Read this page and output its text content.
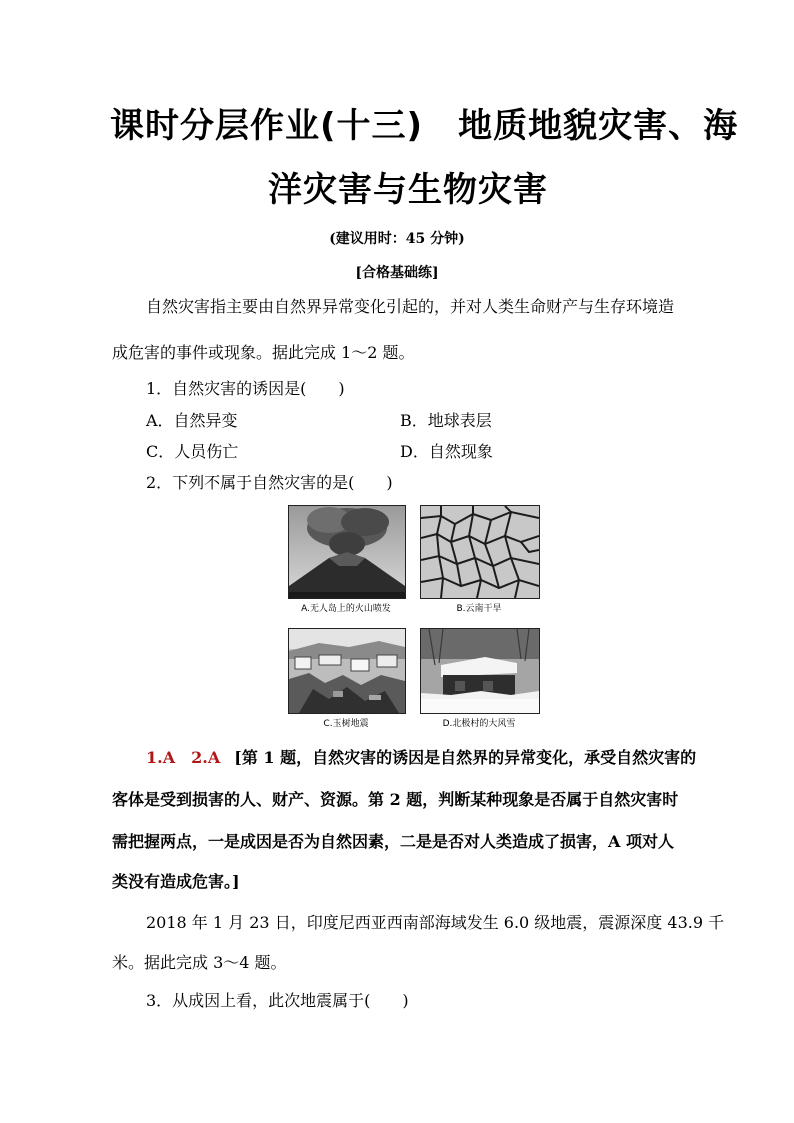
课时分层作业(十三)　地质地貌灾害、海
洋灾害与生物灾害
(建议用时：45 分钟)
[合格基础练]
自然灾害指主要由自然界异常变化引起的，并对人类生命财产与生存环境造
成危害的事件或现象。据此完成 1～2 题。
1．自然灾害的诱因是(　　)
A．自然异变	B．地球表层
C．人员伤亡	D．自然现象
2．下列不属于自然灾害的是(　　)
A.无人岛上的火山喷发	B.云南干旱
C.玉树地震	D.北极村的大风雪
1.A　2.A [第 1 题，自然灾害的诱因是自然界的异常变化，承受自然灾害的
客体是受到损害的人、财产、资源。第 2 题，判断某种现象是否属于自然灾害时
需把握两点，一是成因是否为自然因素，二是是否对人类造成了损害，A 项对人
类没有造成危害。]
2018 年 1 月 23 日，印度尼西亚西南部海域发生 6.0 级地震，震源深度 43.9 千
米。据此完成 3～4 题。
3．从成因上看，此次地震属于(　　)
